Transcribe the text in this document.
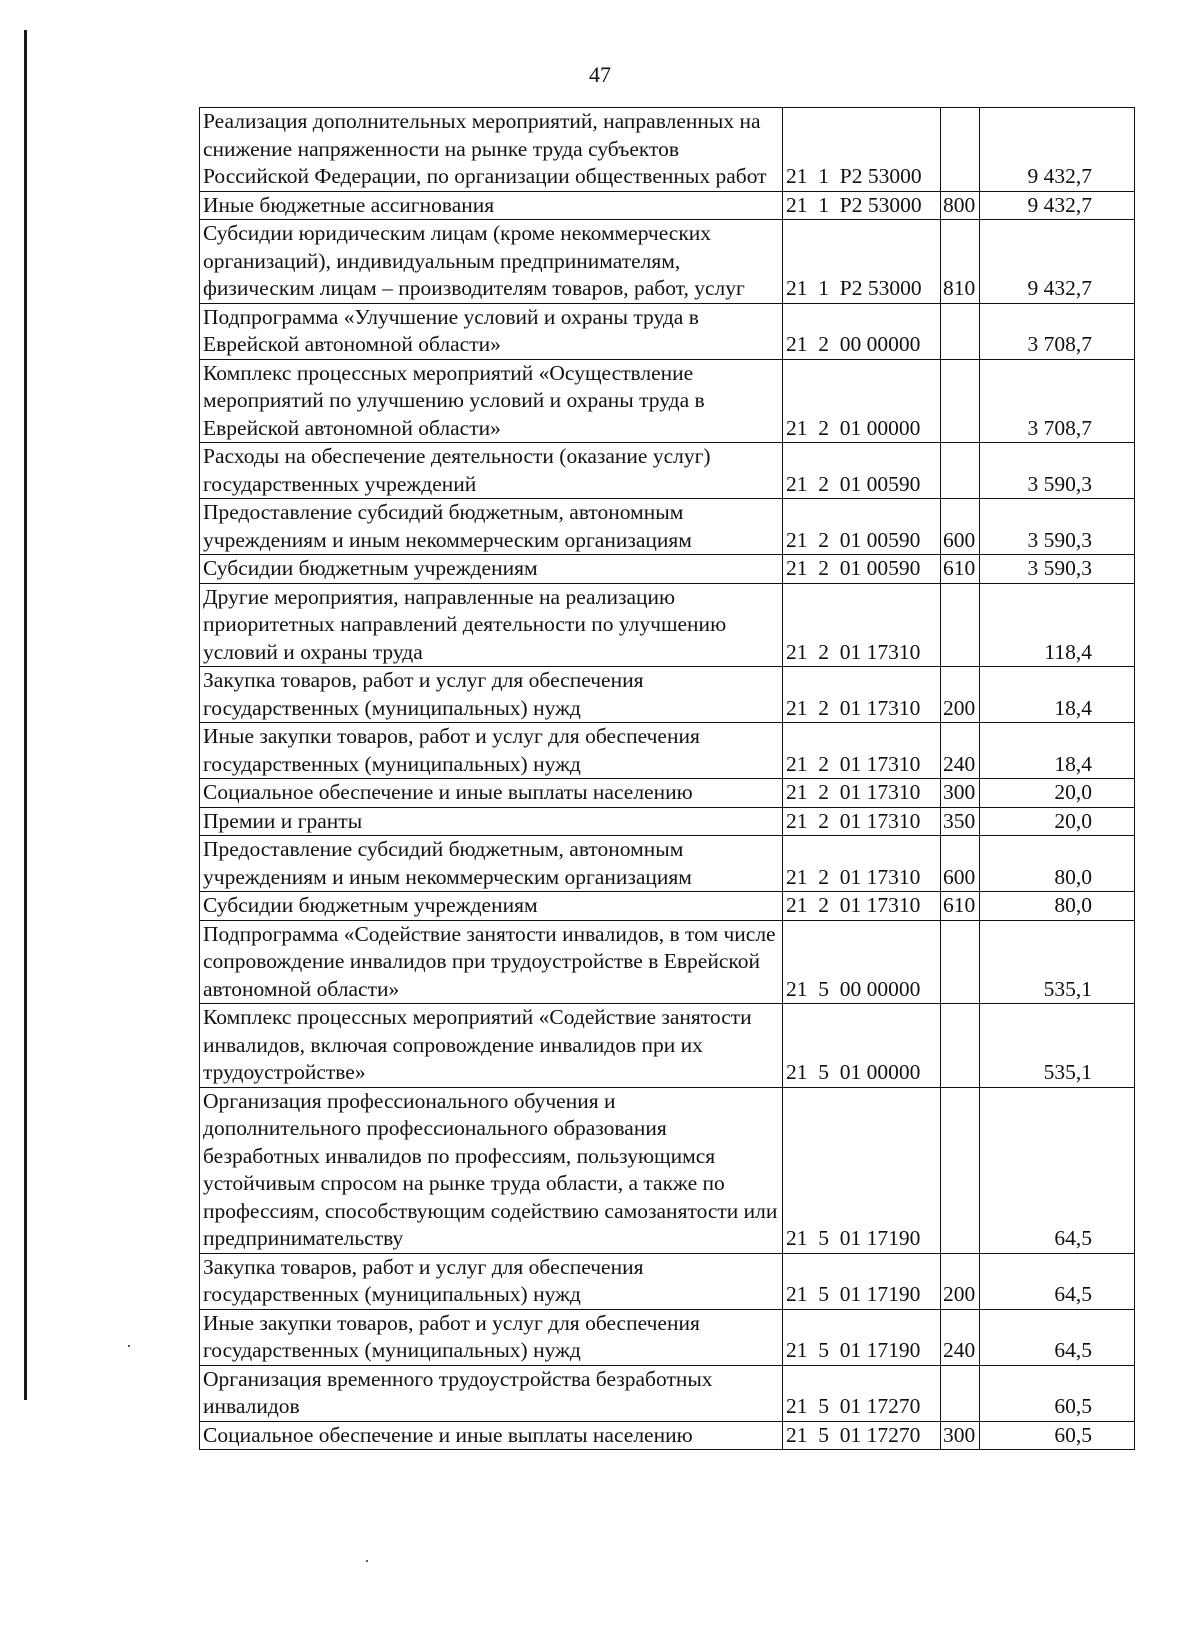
47
Реализация дополнительных мероприятий, направленных на снижение напряженности на рынке труда субъектов Российской Федерации, по организации общественных работ	21  1  Р2 53000		9 432,7
Иные бюджетные ассигнования	21  1  Р2 53000	800	9 432,7
Субсидии юридическим лицам (кроме некоммерческих организаций), индивидуальным предпринимателям, физическим лицам – производителям товаров, работ, услуг	21  1  Р2 53000	810	9 432,7
Подпрограмма «Улучшение условий и охраны труда в Еврейской автономной области»	21  2  00 00000		3 708,7
Комплекс процессных мероприятий «Осуществление мероприятий по улучшению условий и охраны труда в Еврейской автономной области»	21  2  01 00000		3 708,7
Расходы на обеспечение деятельности (оказание услуг) государственных учреждений	21  2  01 00590		3 590,3
Предоставление субсидий бюджетным, автономным учреждениям и иным некоммерческим организациям	21  2  01 00590	600	3 590,3
Субсидии бюджетным учреждениям	21  2  01 00590	610	3 590,3
Другие мероприятия, направленные на реализацию приоритетных направлений деятельности по улучшению условий и охраны труда	21  2  01 17310		118,4
Закупка товаров, работ и услуг для обеспечения государственных (муниципальных) нужд	21  2  01 17310	200	18,4
Иные закупки товаров, работ и услуг для обеспечения государственных (муниципальных) нужд	21  2  01 17310	240	18,4
Социальное обеспечение и иные выплаты населению	21  2  01 17310	300	20,0
Премии и гранты	21  2  01 17310	350	20,0
Предоставление субсидий бюджетным, автономным учреждениям и иным некоммерческим организациям	21  2  01 17310	600	80,0
Субсидии бюджетным учреждениям	21  2  01 17310	610	80,0
Подпрограмма «Содействие занятости инвалидов, в том числе сопровождение инвалидов при трудоустройстве в Еврейской автономной области»	21  5  00 00000		535,1
Комплекс процессных мероприятий «Содействие занятости инвалидов, включая сопровождение инвалидов при их трудоустройстве»	21  5  01 00000		535,1
Организация профессионального обучения и дополнительного профессионального образования безработных инвалидов по профессиям, пользующимся устойчивым спросом на рынке труда области, а также по профессиям, способствующим содействию самозанятости или предпринимательству	21  5  01 17190		64,5
Закупка товаров, работ и услуг для обеспечения государственных (муниципальных) нужд	21  5  01 17190	200	64,5
Иные закупки товаров, работ и услуг для обеспечения государственных (муниципальных) нужд	21  5  01 17190	240	64,5
Организация временного трудоустройства безработных инвалидов	21  5  01 17270		60,5
Социальное обеспечение и иные выплаты населению	21  5  01 17270	300	60,5
